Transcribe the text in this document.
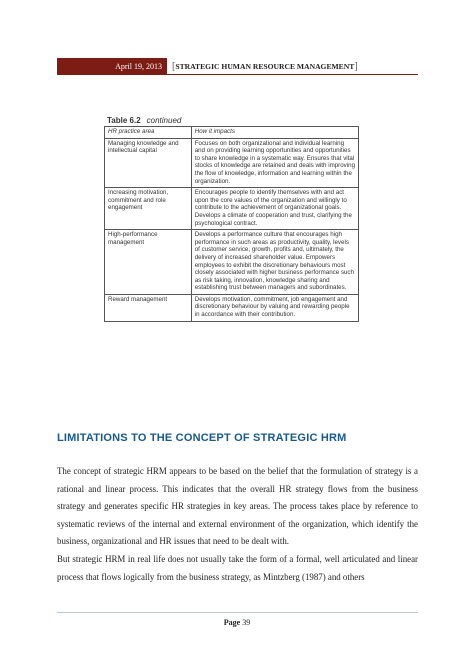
April 19, 2013	[ STRATEGIC HUMAN RESOURCE MANAGEMENT ]
Table 6.2 continued
HR practice area	How it impacts
Managing knowledge and intellectual capital	Focuses on both organizational and individual learning and on providing learning opportunities and opportunities to share knowledge in a systematic way. Ensures that vital stocks of knowledge are retained and deals with improving the flow of knowledge, information and learning within the organization.
Increasing motivation, commitment and role engagement	Encourages people to identify themselves with and act upon the core values of the organization and willingly to contribute to the achievement of organizational goals. Develops a climate of cooperation and trust, clarifying the psychological contract.
High-performance management	Develops a performance culture that encourages high performance in such areas as productivity, quality, levels of customer service, growth, profits and, ultimately, the delivery of increased shareholder value. Empowers employees to exhibit the discretionary behaviours most closely associated with higher business performance such as risk taking, innovation, knowledge sharing and establishing trust between managers and subordinates.
Reward management	Develops motivation, commitment, job engagement and discretionary behaviour by valuing and rewarding people in accordance with their contribution.
LIMITATIONS TO THE CONCEPT OF STRATEGIC HRM

The concept of strategic HRM appears to be based on the belief that the formulation of strategy is a rational and linear process. This indicates that the overall HR strategy flows from the business strategy and generates specific HR strategies in key areas. The process takes place by reference to systematic reviews of the internal and external environment of the organization, which identify the business, organizational and HR issues that need to be dealt with.

But strategic HRM in real life does not usually take the form of a formal, well articulated and linear process that flows logically from the business strategy, as Mintzberg (1987) and others

Page 39
